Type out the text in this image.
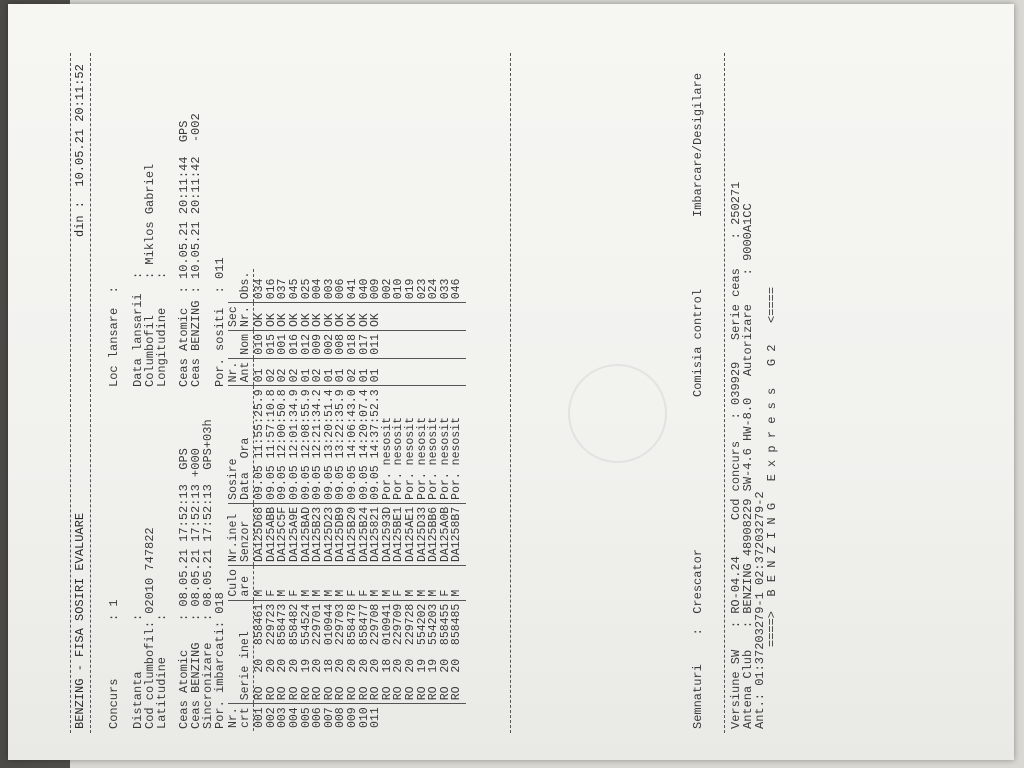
BENZING - FISA SOSIRI EVALUARE
din :  10.05.21 20:11:52
Concurs        : 1
Loc lansare  :
Distanta       :
Data lansarii  :
Cod columbofil: 02010 747822
Columbofil     : Miklos Gabriel
Latitudine     :
Longitudine    :
Ceas Atomic    : 08.05.21 17:52:13  GPS
Ceas BENZING   : 08.05.21 17:52:13 +000
Sincronizare   : 08.05.21 17:52:13  GPS+03h
Por. imbarcati: 018
Ceas Atomic  : 10.05.21 20:11:44  GPS
Ceas BENZING : 10.05.21 20:11:42  -002 Por. sositi  : 011
Nr.
crt	Serie inel	Culo
are	Nr.inel
Senzor	Sosire
Data  Ora	Nr.
Ant	Nom	Sec
Nr.	Obs.

001	RO  20  858461	M	DA125D68	09.05 11:55:25.9	01	010	OK	034
002	RO  20  229723	F	DA125ABB	09.05 11:57:10.8	02	015	OK	016
003	RO  20  858473	M	DA125C5F	09.05 12:00:50.8	02	001	OK	037
004	RO  20  858482	F	DA125A9E	09.05 12:01:34.9	02	016	OK	045
005	RO  19  554524	M	DA125BAD	09.05 12:08:55.9	01	012	OK	025
006	RO  20  229701	M	DA125B23	09.05 12:21:34.2	02	009	OK	004
007	RO  18  010944	M	DA125D23	09.05 13:20:51.4	01	002	OK	003
008	RO  20  229703	M	DA125DB9	09.05 13:22:35.9	01	008	OK	006
009	RO  20  858478	F	DA125B20	09.05 14:06:43.0	02	018	OK	041
010	RO  20  858477	F	DA125B24	09.05 14:20:07.4	01	017	OK	040
011	RO  20  229708	M	DA125821	09.05 14:37:52.3	01	011	OK	009
	RO  18  010941	M	DA12593D	Por. nesosit				002
	RO  20  229709	F	DA125BE1	Por. nesosit				010
	RO  20  229728	M	DA125AE1	Por. nesosit				019
	RO  19  554202	M	DA125D33	Por. nesosit				023
	RO  19  554203	M	DA125BB6	Por. nesosit				024
	RO  20  858455	F	DA125A0B	Por. nesosit				033
	RO  20  858485	M	DA1258B7	Por. nesosit				046
Semnaturi    :  Crescator
Comisia control
Imbarcare/Desigilare
Versiune SW   : RO-04.24     Cod concurs   : 039929   Serie ceas    : 250271
Antena Club   : BENZING 48908229 SW-4.6 HW-8.0   Autorizare    : 9000A1CC
Ant.: 01:37203279-1 02:37203279-2
====>  B E N Z I N G   E x p r e s s   G 2   <====
